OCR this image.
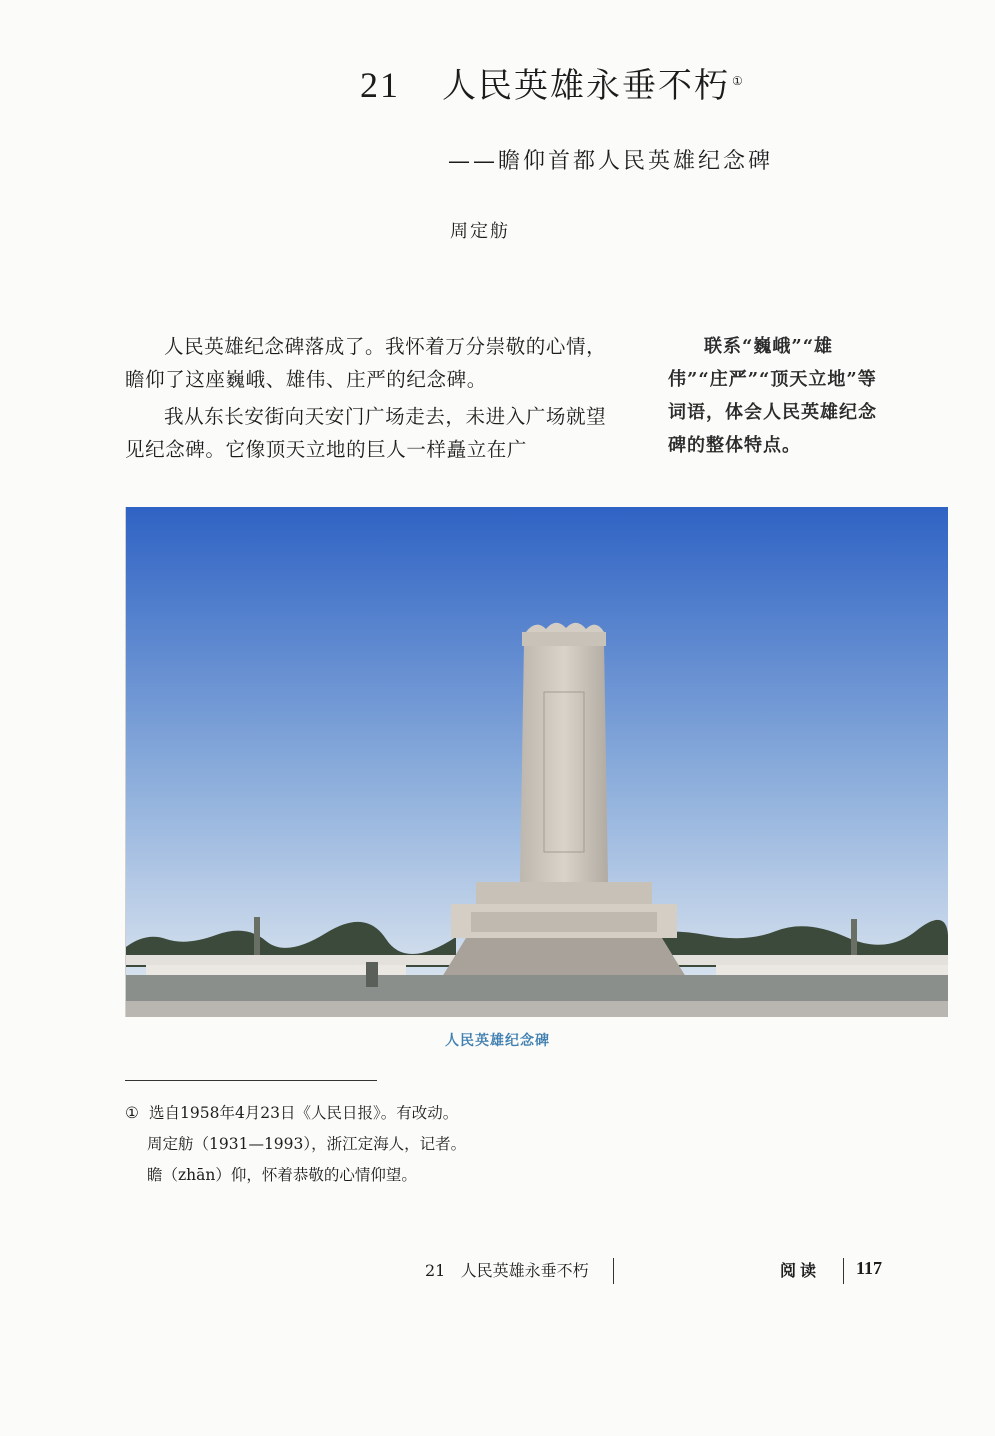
21 人民英雄永垂不朽 ①
——瞻仰首都人民英雄纪念碑
周定舫

人民英雄纪念碑落成了。我怀着万分崇敬的心情，瞻仰了这座巍峨、雄伟、庄严的纪念碑。

我从东长安街向天安门广场走去，未进入广场就望见纪念碑。它像顶天立地的巨人一样矗立在广

联系“巍峨”“雄伟”“庄严”“顶天立地”等词语，体会人民英雄纪念碑的整体特点。
人民英雄纪念碑
① 选自1958年4月23日《人民日报》。有改动。
周定舫（1931—1993），浙江定海人，记者。
瞻（zhān）仰，怀着恭敬的心情仰望。
21   人民英雄永垂不朽	阅读 117
